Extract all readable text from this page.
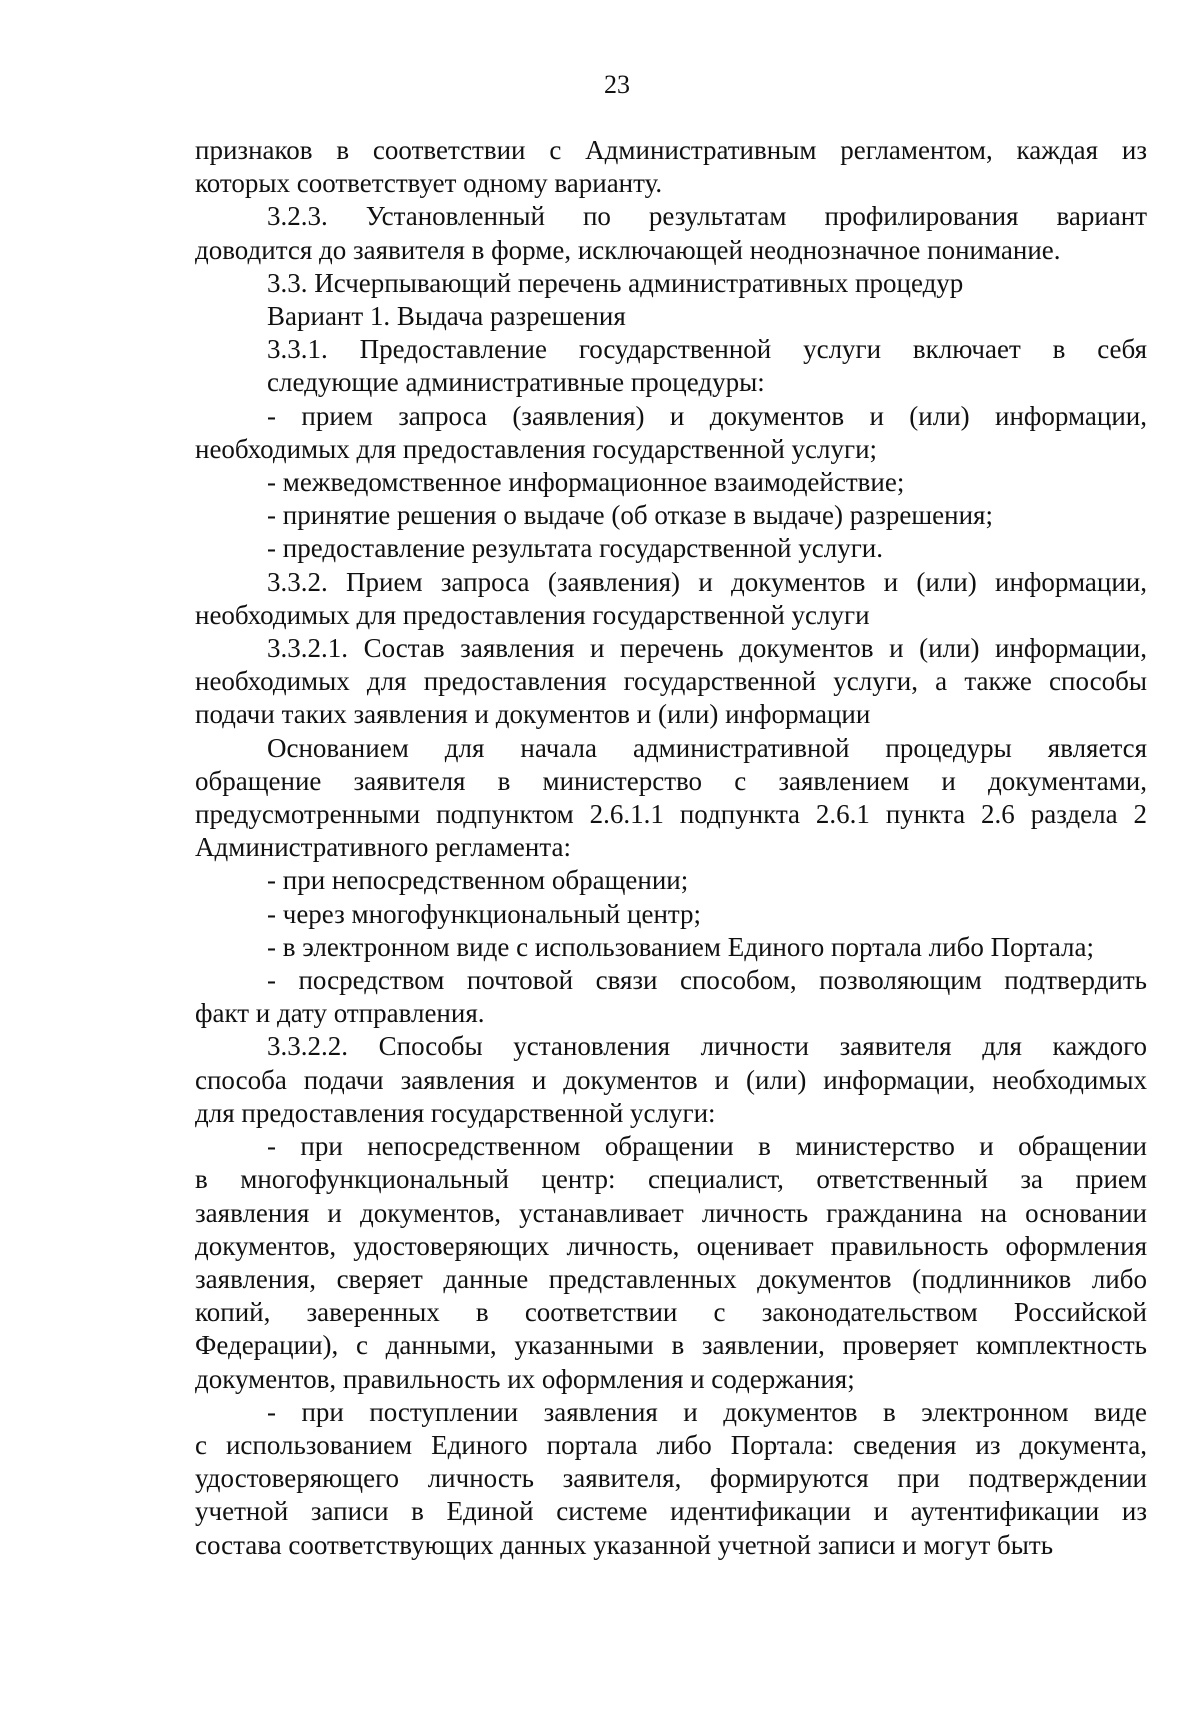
23
признаков в соответствии с Административным регламентом, каждая из
которых соответствует одному варианту.
3.2.3. Установленный по результатам профилирования вариант
доводится до заявителя в форме, исключающей неоднозначное понимание.
3.3. Исчерпывающий перечень административных процедур
Вариант 1. Выдача разрешения
3.3.1. Предоставление государственной услуги включает в себя
следующие административные процедуры:
- прием запроса (заявления) и документов и (или) информации,
необходимых для предоставления государственной услуги;
- межведомственное информационное взаимодействие;
- принятие решения о выдаче (об отказе в выдаче) разрешения;
- предоставление результата государственной услуги.
3.3.2. Прием запроса (заявления) и документов и (или) информации,
необходимых для предоставления государственной услуги
3.3.2.1. Состав заявления и перечень документов и (или) информации,
необходимых для предоставления государственной услуги, а также способы
подачи таких заявления и документов и (или) информации
Основанием для начала административной процедуры является
обращение заявителя в министерство с заявлением и документами,
предусмотренными подпунктом 2.6.1.1 подпункта 2.6.1 пункта 2.6 раздела 2
Административного регламента:
- при непосредственном обращении;
- через многофункциональный центр;
- в электронном виде с использованием Единого портала либо Портала;
- посредством почтовой связи способом, позволяющим подтвердить
факт и дату отправления.
3.3.2.2. Способы установления личности заявителя для каждого
способа подачи заявления и документов и (или) информации, необходимых
для предоставления государственной услуги:
- при непосредственном обращении в министерство и обращении
в многофункциональный центр: специалист, ответственный за прием
заявления и документов, устанавливает личность гражданина на основании
документов, удостоверяющих личность, оценивает правильность оформления
заявления, сверяет данные представленных документов (подлинников либо
копий, заверенных в соответствии с законодательством Российской
Федерации), с данными, указанными в заявлении, проверяет комплектность
документов, правильность их оформления и содержания;
- при поступлении заявления и документов в электронном виде
с использованием Единого портала либо Портала: сведения из документа,
удостоверяющего личность заявителя, формируются при подтверждении
учетной записи в Единой системе идентификации и аутентификации из
состава соответствующих данных указанной учетной записи и могут быть
